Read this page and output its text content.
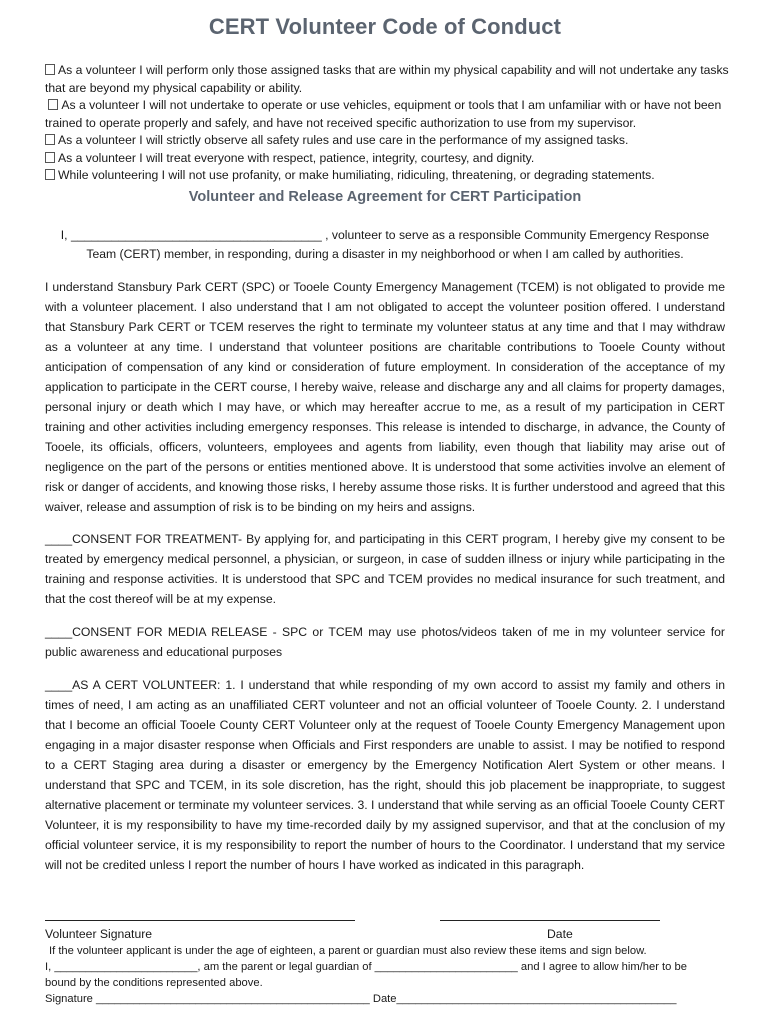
CERT Volunteer Code of Conduct

As a volunteer I will perform only those assigned tasks that are within my physical capability and will not undertake any tasks that are beyond my physical capability or ability.

As a volunteer I will not undertake to operate or use vehicles, equipment or tools that I am unfamiliar with or have not been trained to operate properly and safely, and have not received specific authorization to use from my supervisor.

As a volunteer I will strictly observe all safety rules and use care in the performance of my assigned tasks.

As a volunteer I will treat everyone with respect, patience, integrity, courtesy, and dignity.

While volunteering I will not use profanity, or make humiliating, ridiculing, threatening, or degrading statements.

Volunteer and Release Agreement for CERT Participation
I, _____________________________________ , volunteer to serve as a responsible Community Emergency Response
Team (CERT) member, in responding, during a disaster in my neighborhood or when I am called by authorities.

I understand Stansbury Park CERT (SPC) or Tooele County Emergency Management (TCEM) is not obligated to provide me with a volunteer placement. I also understand that I am not obligated to accept the volunteer position offered. I understand that Stansbury Park CERT or TCEM reserves the right to terminate my volunteer status at any time and that I may withdraw as a volunteer at any time. I understand that volunteer positions are charitable contributions to Tooele County without anticipation of compensation of any kind or consideration of future employment. In consideration of the acceptance of my application to participate in the CERT course, I hereby waive, release and discharge any and all claims for property damages, personal injury or death which I may have, or which may hereafter accrue to me, as a result of my participation in CERT training and other activities including emergency responses. This release is intended to discharge, in advance, the County of Tooele, its officials, officers, volunteers, employees and agents from liability, even though that liability may arise out of negligence on the part of the persons or entities mentioned above. It is understood that some activities involve an element of risk or danger of accidents, and knowing those risks, I hereby assume those risks. It is further understood and agreed that this waiver, release and assumption of risk is to be binding on my heirs and assigns.

____CONSENT FOR TREATMENT- By applying for, and participating in this CERT program, I hereby give my consent to be treated by emergency medical personnel, a physician, or surgeon, in case of sudden illness or injury while participating in the training and response activities. It is understood that SPC and TCEM provides no medical insurance for such treatment, and that the cost thereof will be at my expense.

____CONSENT FOR MEDIA RELEASE - SPC or TCEM may use photos/videos taken of me in my volunteer service for public awareness and educational purposes

____AS A CERT VOLUNTEER: 1. I understand that while responding of my own accord to assist my family and others in times of need, I am acting as an unaffiliated CERT volunteer and not an official volunteer of Tooele County. 2. I understand that I become an official Tooele County CERT Volunteer only at the request of Tooele County Emergency Management upon engaging in a major disaster response when Officials and First responders are unable to assist. I may be notified to respond to a CERT Staging area during a disaster or emergency by the Emergency Notification Alert System or other means. I understand that SPC and TCEM, in its sole discretion, has the right, should this job placement be inappropriate, to suggest alternative placement or terminate my volunteer services. 3. I understand that while serving as an official Tooele County CERT Volunteer, it is my responsibility to have my time-recorded daily by my assigned supervisor, and that at the conclusion of my official volunteer service, it is my responsibility to report the number of hours to the Coordinator. I understand that my service will not be credited unless I report the number of hours I have worked as indicated in this paragraph.

Volunteer Signature	Date
If the volunteer applicant is under the age of eighteen, a parent or guardian must also review these items and sign below.
I, _______________________, am the parent or legal guardian of _______________________ and I agree to allow him/her to be
bound by the conditions represented above.
Signature ____________________________________________ Date_____________________________________________
